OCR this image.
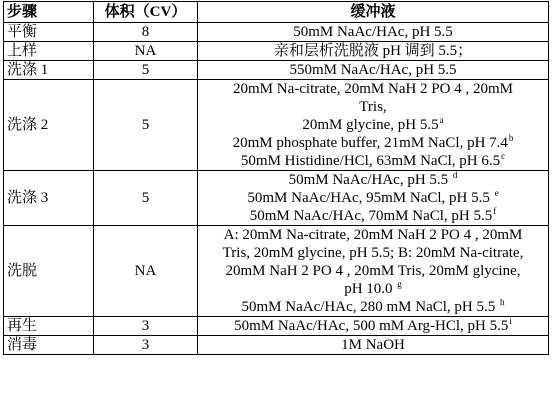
步骤	体积（CV）	缓冲液
平衡	8	50mM NaAc/HAc, pH 5.5

上样	NA	亲和层析洗脱液 pH 调到 5.5；

洗涤 1	5	550mM NaAc/HAc, pH 5.5

洗涤 2	5	20mM Na-citrate, 20mM NaH 2 PO 4 , 20mM
Tris,
20mM glycine, pH 5.5$^a$
20mM phosphate buffer, 21mM NaCl, pH 7.4$^b$
50mM Histidine/HCl, 63mM NaCl, pH 6.5$^c$

洗涤 3	5	50mM NaAc/HAc, pH 5.5 $^d$
50mM NaAc/HAc, 95mM NaCl, pH 5.5 $^e$
50mM NaAc/HAc, 70mM NaCl, pH 5.5$^f$

洗脱	NA	A: 20mM Na-citrate, 20mM NaH 2 PO 4 , 20mM
Tris, 20mM glycine, pH 5.5; B: 20mM Na-citrate,
20mM NaH 2 PO 4 , 20mM Tris, 20mM glycine,
pH 10.0 $^g$
50mM NaAc/HAc, 280 mM NaCl, pH 5.5 $^h$

再生	3	50mM NaAc/HAc, 500 mM Arg-HCl, pH 5.5$^i$

消毒	3	1M NaOH
